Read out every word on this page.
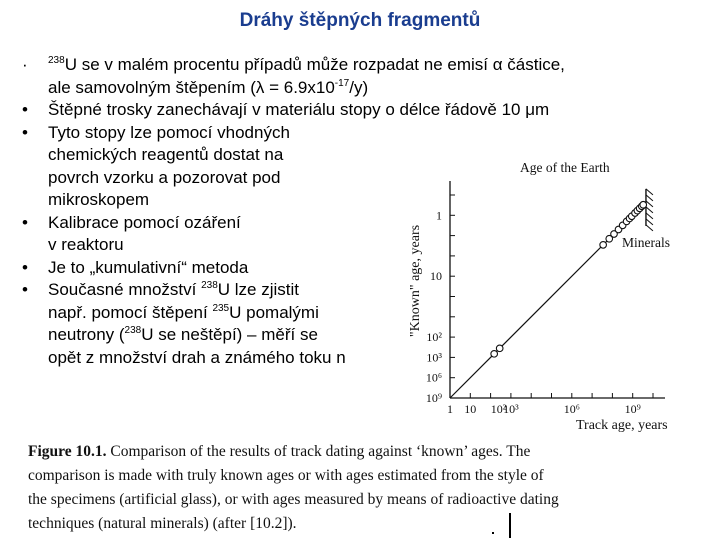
Dráhy štěpných fragmentů
· $^{238}$U se v malém procentu případů může rozpadat ne emisí α částice,
ale samovolným štěpením $(\lambda = 6.9x10^{-17}/y)$
• Štěpné trosky zanechávají v materiálu stopy o délce řádově 10 μm
• Tyto stopy lze pomocí vhodných
chemických reagentů dostat na
povrch vzorku a pozorovat pod
mikroskopem
• Kalibrace pomocí ozáření
v reaktoru
• Je to „kumulativní“ metoda
• Současné množství $^{238}$U lze zjistit
např. pomocí štěpení $^{235}$U pomalými
neutrony ($^{238}$U se neštěpí) – měří se
opět z množství drah a známého toku n
10⁹
10⁶
10³
10²
10
1
1 10 10²
10³	10⁶	10⁹
Age of the Earth
Minerals
"Known" age, years
Track age, years
Figure 10.1. Comparison of the results of track dating against ‘known’ ages. The
comparison is made with truly known ages or with ages estimated from the style of
the specimens (artificial glass), or with ages measured by means of radioactive dating
techniques (natural minerals) (after [10.2]).
